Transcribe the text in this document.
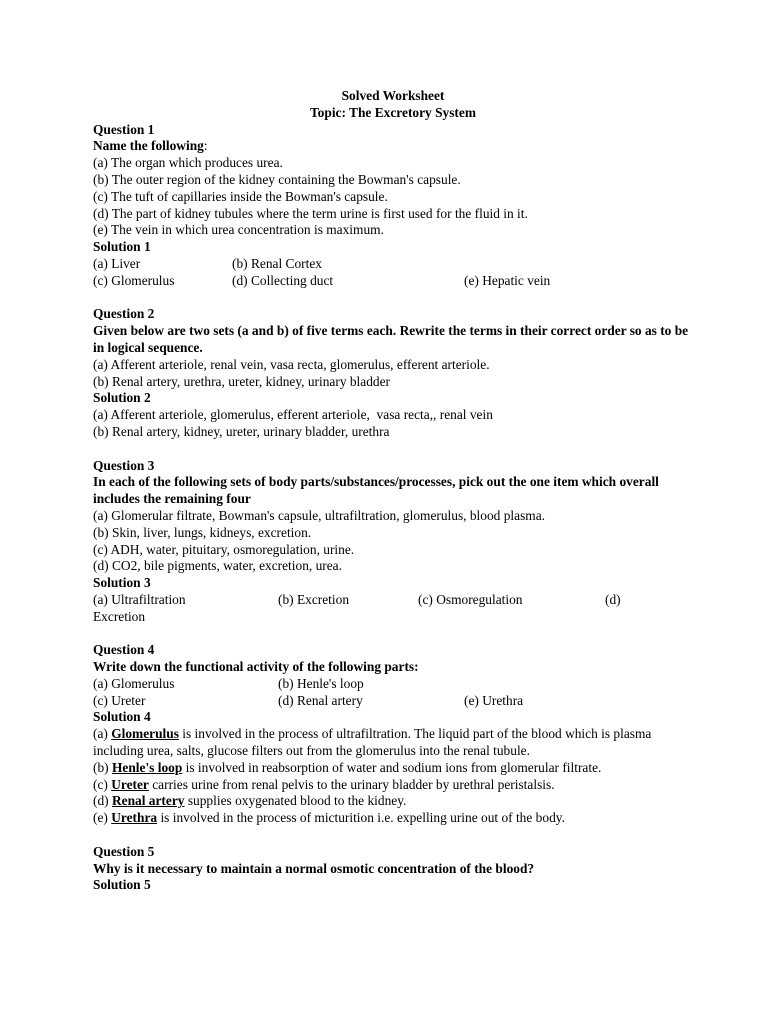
Solved Worksheet
Topic: The Excretory System
Question 1
Name the following:
(a) The organ which produces urea.
(b) The outer region of the kidney containing the Bowman's capsule.
(c) The tuft of capillaries inside the Bowman's capsule.
(d) The part of kidney tubules where the term urine is first used for the fluid in it.
(e) The vein in which urea concentration is maximum.
Solution 1
(a) Liver	(b) Renal Cortex
(c) Glomerulus	(d) Collecting duct	(e) Hepatic vein
Question 2
Given below are two sets (a and b) of five terms each. Rewrite the terms in their correct order so as to be in logical sequence.
(a) Afferent arteriole, renal vein, vasa recta, glomerulus, efferent arteriole.
(b) Renal artery, urethra, ureter, kidney, urinary bladder
Solution 2
(a) Afferent arteriole, glomerulus, efferent arteriole,  vasa recta,, renal vein
(b) Renal artery, kidney, ureter, urinary bladder, urethra
Question 3
In each of the following sets of body parts/substances/processes, pick out the one item which overall includes the remaining four
(a) Glomerular filtrate, Bowman's capsule, ultrafiltration, glomerulus, blood plasma.
(b) Skin, liver, lungs, kidneys, excretion.
(c) ADH, water, pituitary, osmoregulation, urine.
(d) CO2, bile pigments, water, excretion, urea.
Solution 3
(a) Ultrafiltration	(b) Excretion	(c) Osmoregulation	(d)
Excretion
Question 4
Write down the functional activity of the following parts:
(a) Glomerulus	(b) Henle's loop
(c) Ureter	(d) Renal artery	(e) Urethra
Solution 4
(a) Glomerulus is involved in the process of ultrafiltration. The liquid part of the blood which is plasma including urea, salts, glucose filters out from the glomerulus into the renal tubule.
(b) Henle's loop is involved in reabsorption of water and sodium ions from glomerular filtrate.
(c) Ureter carries urine from renal pelvis to the urinary bladder by urethral peristalsis.
(d) Renal artery supplies oxygenated blood to the kidney.
(e) Urethra is involved in the process of micturition i.e. expelling urine out of the body.
Question 5
Why is it necessary to maintain a normal osmotic concentration of the blood?
Solution 5
